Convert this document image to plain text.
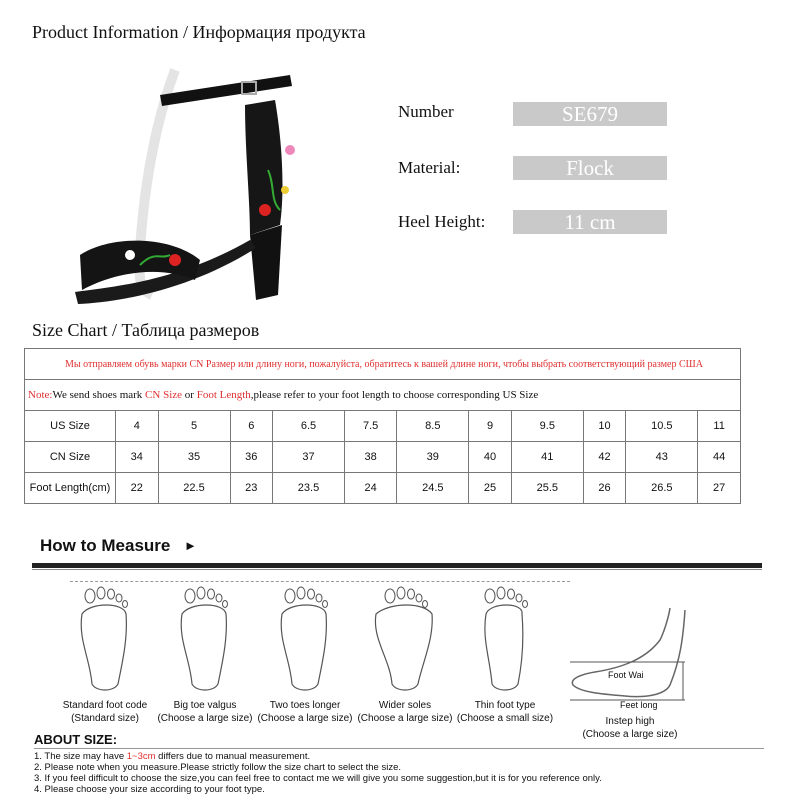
Product Information / Информация продукта
Number	SE679
Material:	Flock
Heel Height:	11 cm
Size Chart / Таблица размеров
Мы отправляем обувь марки CN Размер или длину ноги, пожалуйста, обратитесь к вашей длине ноги, чтобы выбрать соответствующий размер США											
Note:We send shoes mark CN Size or Foot Length,please refer to your foot length to choose corresponding US Size											
US Size	4	5	6	6.5	7.5	8.5	9	9.5	10	10.5	11
CN Size	34	35	36	37	38	39	40	41	42	43	44
Foot Length(cm)	22	22.5	23	23.5	24	24.5	25	25.5	26	26.5	27
How to Measure ►
Standard foot code
(Standard size)
Big toe valgus
(Choose a large size)
Two toes longer
(Choose a large size)
Wider soles
(Choose a large size)
Thin foot type
(Choose a small size)
Foot Wai
Feet long
Instep high
(Choose a large size)
ABOUT SIZE:
1. The size may have 1~3cm differs due to manual measurement.
2. Please note when you measure.Please strictly follow the size chart to select the size.
3. If you feel difficult to choose the size,you can feel free to contact me we will give you some suggestion,but it is for you reference only.
4. Please choose your size according to your foot type.
